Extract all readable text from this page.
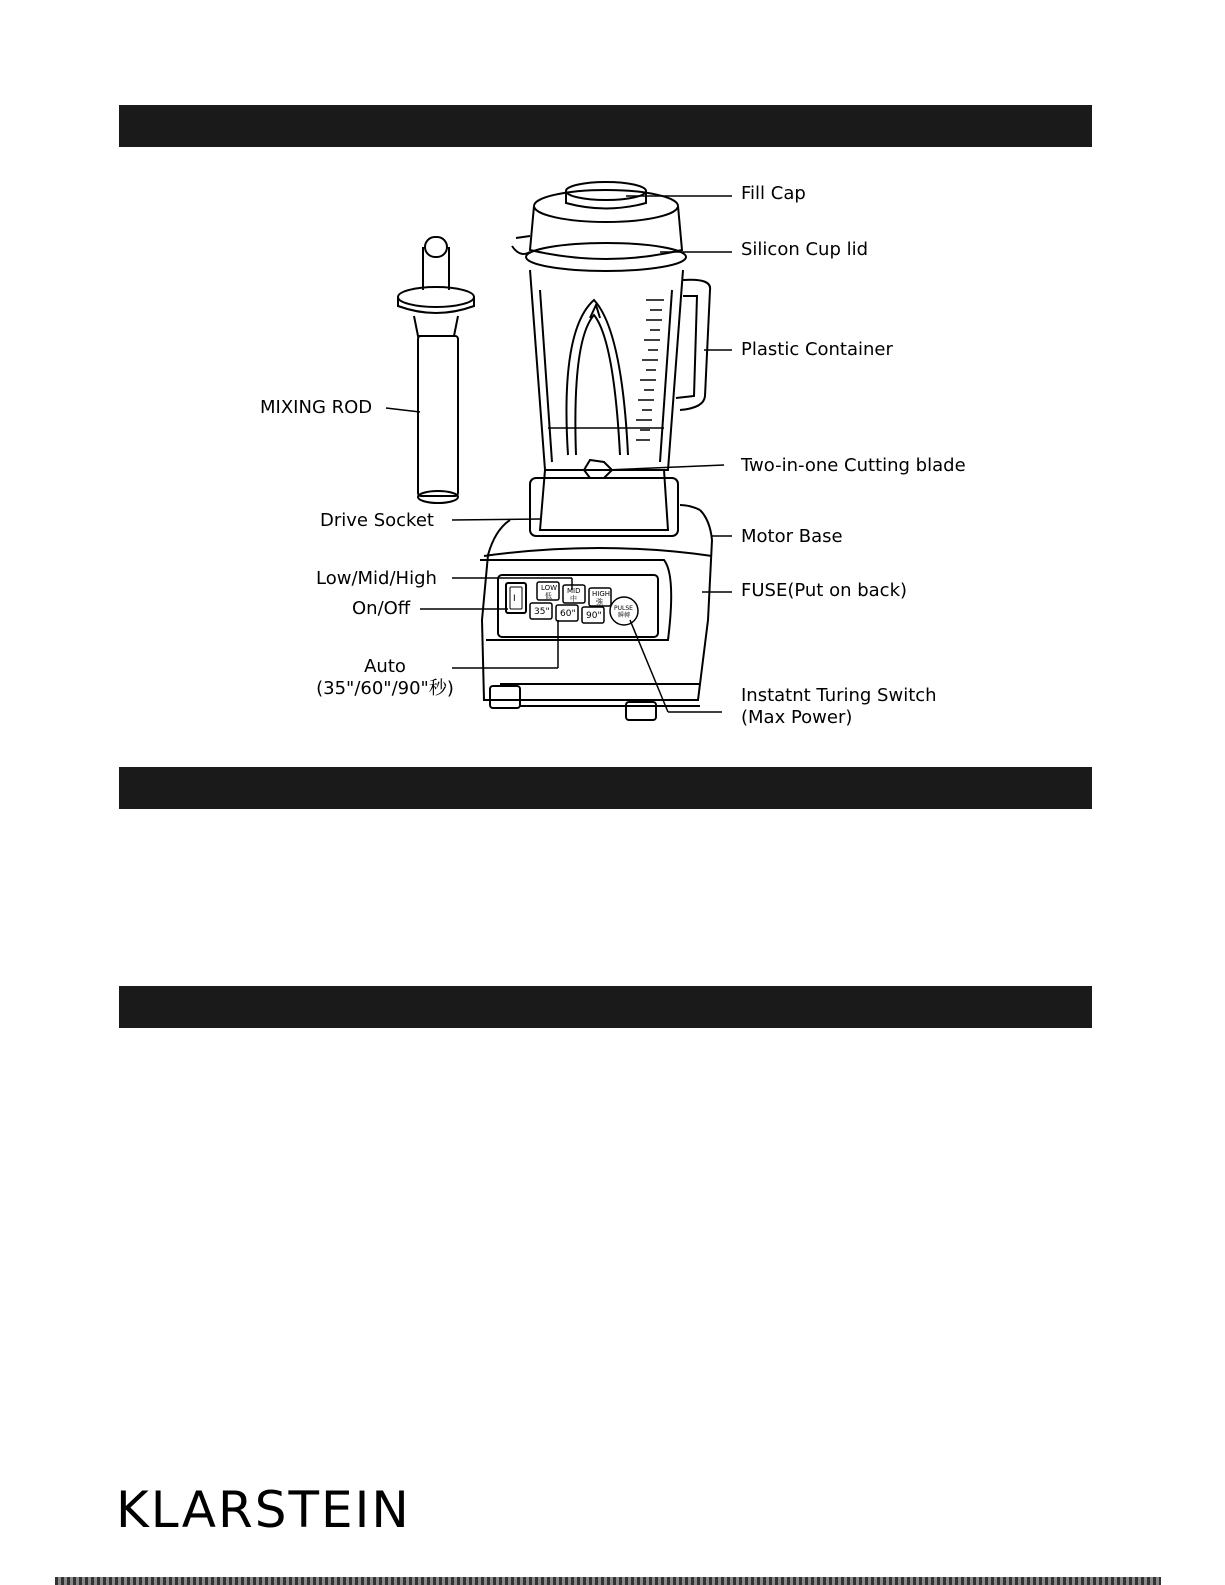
LOW
低
MID
中
HIGH
強
35" 60" 90"
PULSE
瞬轉
I
Fill Cap
Silicon Cup lid
Plastic Container
Two-in-one Cutting blade
Motor Base
FUSE(Put on back)
Instatnt Turing Switch
(Max Power)
MIXING ROD
Drive Socket
Low/Mid/High
On/Off
Auto
(35"/60"/90"秒)
KLARSTEIN
